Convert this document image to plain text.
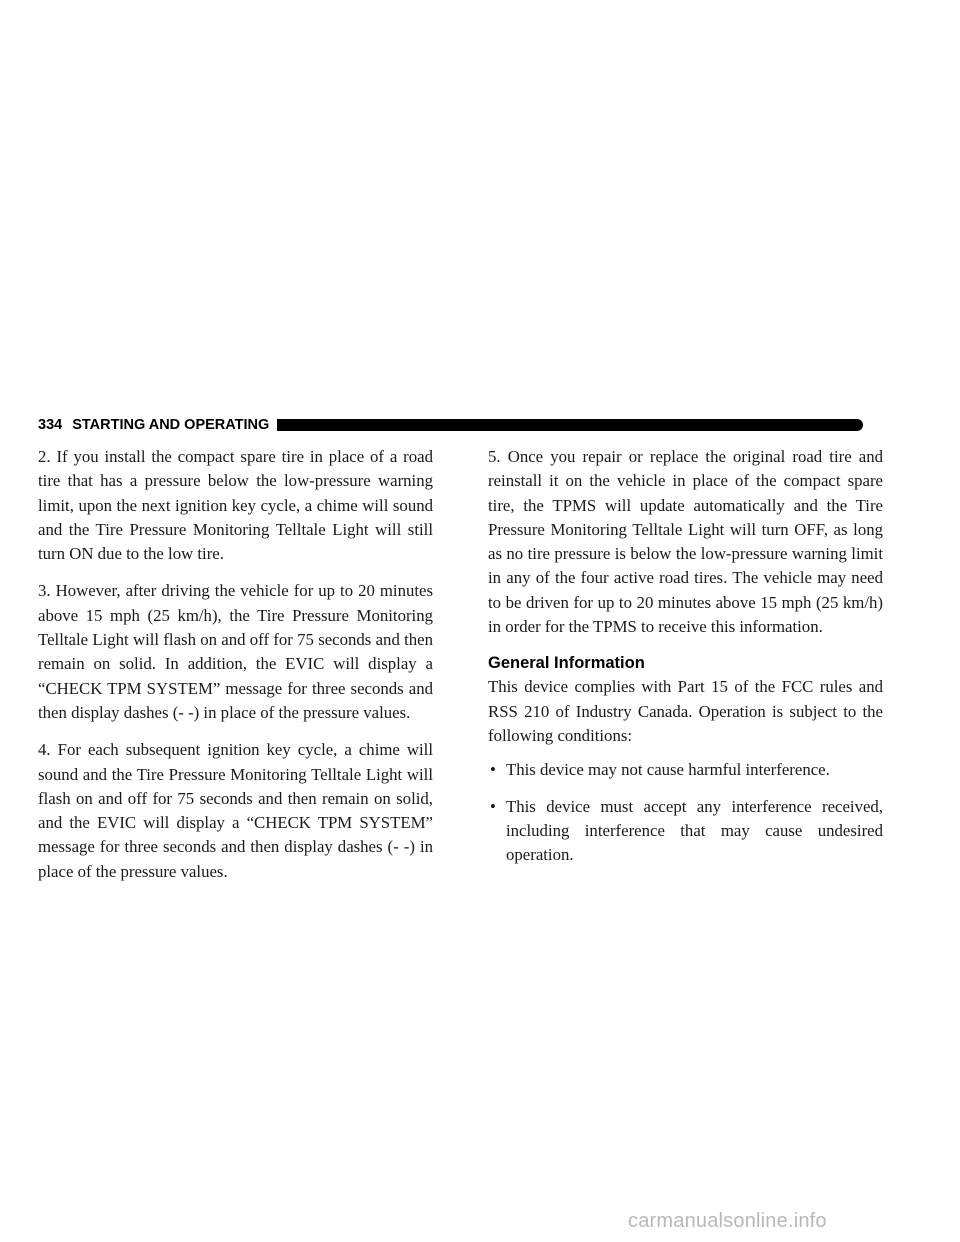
334 STARTING AND OPERATING

2. If you install the compact spare tire in place of a road tire that has a pressure below the low-pressure warning limit, upon the next ignition key cycle, a chime will sound and the Tire Pressure Monitoring Telltale Light will still turn ON due to the low tire.

3. However, after driving the vehicle for up to 20 minutes above 15 mph (25 km/h), the Tire Pressure Monitoring Telltale Light will flash on and off for 75 seconds and then remain on solid. In addition, the EVIC will display a “CHECK TPM SYSTEM” message for three seconds and then display dashes (- -) in place of the pressure values.

4. For each subsequent ignition key cycle, a chime will sound and the Tire Pressure Monitoring Telltale Light will flash on and off for 75 seconds and then remain on solid, and the EVIC will display a “CHECK TPM SYSTEM” message for three seconds and then display dashes (- -) in place of the pressure values.

5. Once you repair or replace the original road tire and reinstall it on the vehicle in place of the compact spare tire, the TPMS will update automatically and the Tire Pressure Monitoring Telltale Light will turn OFF, as long as no tire pressure is below the low-pressure warning limit in any of the four active road tires. The vehicle may need to be driven for up to 20 minutes above 15 mph (25 km/h) in order for the TPMS to receive this information.

General Information

This device complies with Part 15 of the FCC rules and RSS 210 of Industry Canada. Operation is subject to the following conditions:

• This device may not cause harmful interference.
• This device must accept any interference received, including interference that may cause undesired operation.
carmanualsonline.info
